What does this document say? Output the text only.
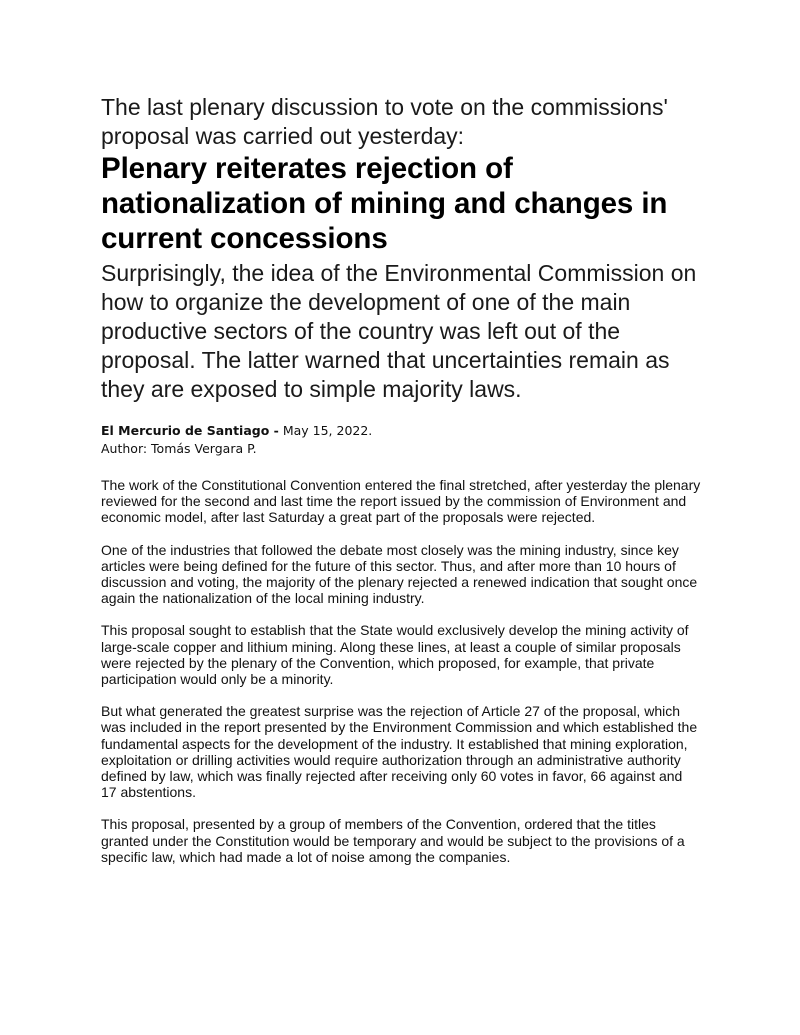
The last plenary discussion to vote on the commissions' proposal was carried out yesterday:

Plenary reiterates rejection of nationalization of mining and changes in current concessions

Surprisingly, the idea of the Environmental Commission on how to organize the development of one of the main productive sectors of the country was left out of the proposal. The latter warned that uncertainties remain as they are exposed to simple majority laws.

El Mercurio de Santiago - May 15, 2022.
Author: Tomás Vergara P.

The work of the Constitutional Convention entered the final stretched, after yesterday the plenary reviewed for the second and last time the report issued by the commission of Environment and economic model, after last Saturday a great part of the proposals were rejected.

One of the industries that followed the debate most closely was the mining industry, since key articles were being defined for the future of this sector. Thus, and after more than 10 hours of discussion and voting, the majority of the plenary rejected a renewed indication that sought once again the nationalization of the local mining industry.

This proposal sought to establish that the State would exclusively develop the mining activity of large-scale copper and lithium mining. Along these lines, at least a couple of similar proposals were rejected by the plenary of the Convention, which proposed, for example, that private participation would only be a minority.

But what generated the greatest surprise was the rejection of Article 27 of the proposal, which was included in the report presented by the Environment Commission and which established the fundamental aspects for the development of the industry. It established that mining exploration, exploitation or drilling activities would require authorization through an administrative authority defined by law, which was finally rejected after receiving only 60 votes in favor, 66 against and 17 abstentions.

This proposal, presented by a group of members of the Convention, ordered that the titles granted under the Constitution would be temporary and would be subject to the provisions of a specific law, which had made a lot of noise among the companies.
